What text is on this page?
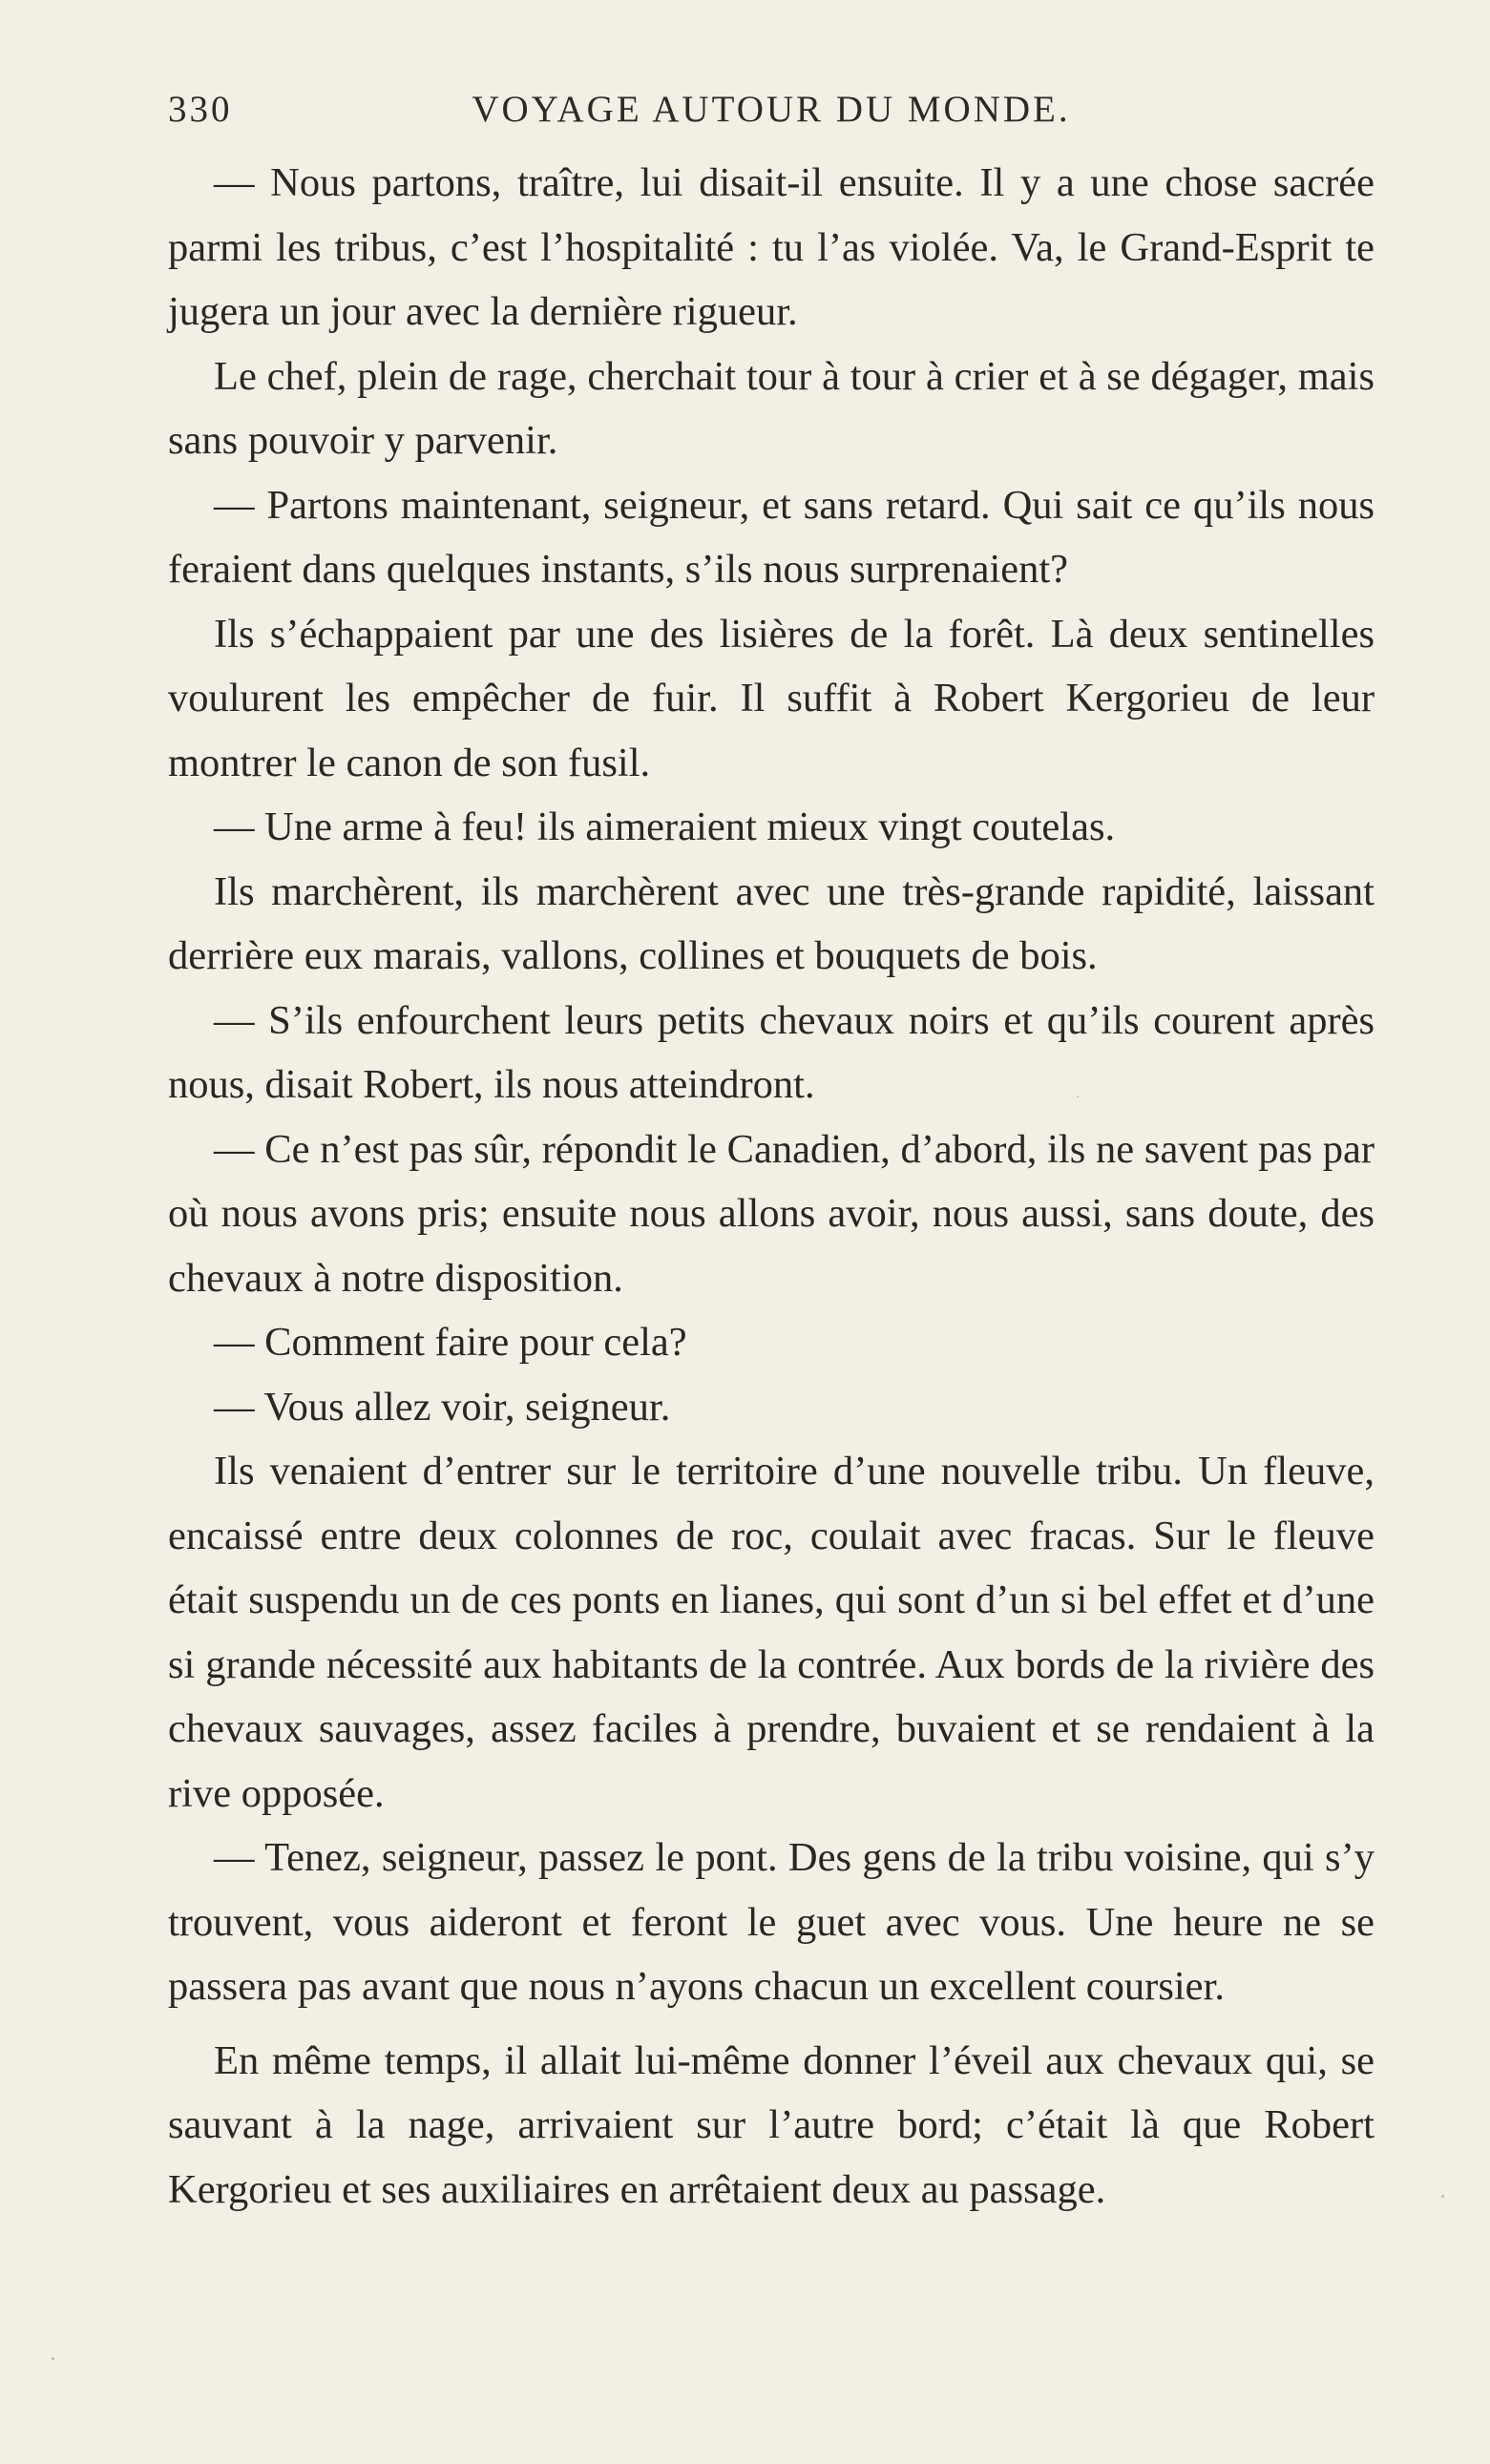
330	VOYAGE AUTOUR DU MONDE.

— Nous partons, traître, lui disait-il ensuite. Il y a une chose sacrée parmi les tribus, c’est l’hospitalité : tu l’as violée. Va, le Grand-Esprit te jugera un jour avec la dernière rigueur.

Le chef, plein de rage, cherchait tour à tour à crier et à se dégager, mais sans pouvoir y parvenir.

— Partons maintenant, seigneur, et sans retard. Qui sait ce qu’ils nous feraient dans quelques instants, s’ils nous surprenaient?

Ils s’échappaient par une des lisières de la forêt. Là deux sentinelles voulurent les empêcher de fuir. Il suffit à Robert Kergorieu de leur montrer le canon de son fusil.

— Une arme à feu! ils aimeraient mieux vingt coutelas.

Ils marchèrent, ils marchèrent avec une très-grande rapidité, laissant derrière eux marais, vallons, collines et bouquets de bois.

— S’ils enfourchent leurs petits chevaux noirs et qu’ils courent après nous, disait Robert, ils nous atteindront.

— Ce n’est pas sûr, répondit le Canadien, d’abord, ils ne savent pas par où nous avons pris; ensuite nous allons avoir, nous aussi, sans doute, des chevaux à notre disposition.

— Comment faire pour cela?

— Vous allez voir, seigneur.

Ils venaient d’entrer sur le territoire d’une nouvelle tribu. Un fleuve, encaissé entre deux colonnes de roc, coulait avec fracas. Sur le fleuve était suspendu un de ces ponts en lianes, qui sont d’un si bel effet et d’une si grande nécessité aux habitants de la contrée. Aux bords de la rivière des chevaux sauvages, assez faciles à prendre, buvaient et se rendaient à la rive opposée.

— Tenez, seigneur, passez le pont. Des gens de la tribu voisine, qui s’y trouvent, vous aideront et feront le guet avec vous. Une heure ne se passera pas avant que nous n’ayons chacun un excellent coursier.

En même temps, il allait lui-même donner l’éveil aux chevaux qui, se sauvant à la nage, arrivaient sur l’autre bord; c’était là que Robert Kergorieu et ses auxiliaires en arrêtaient deux au passage.
